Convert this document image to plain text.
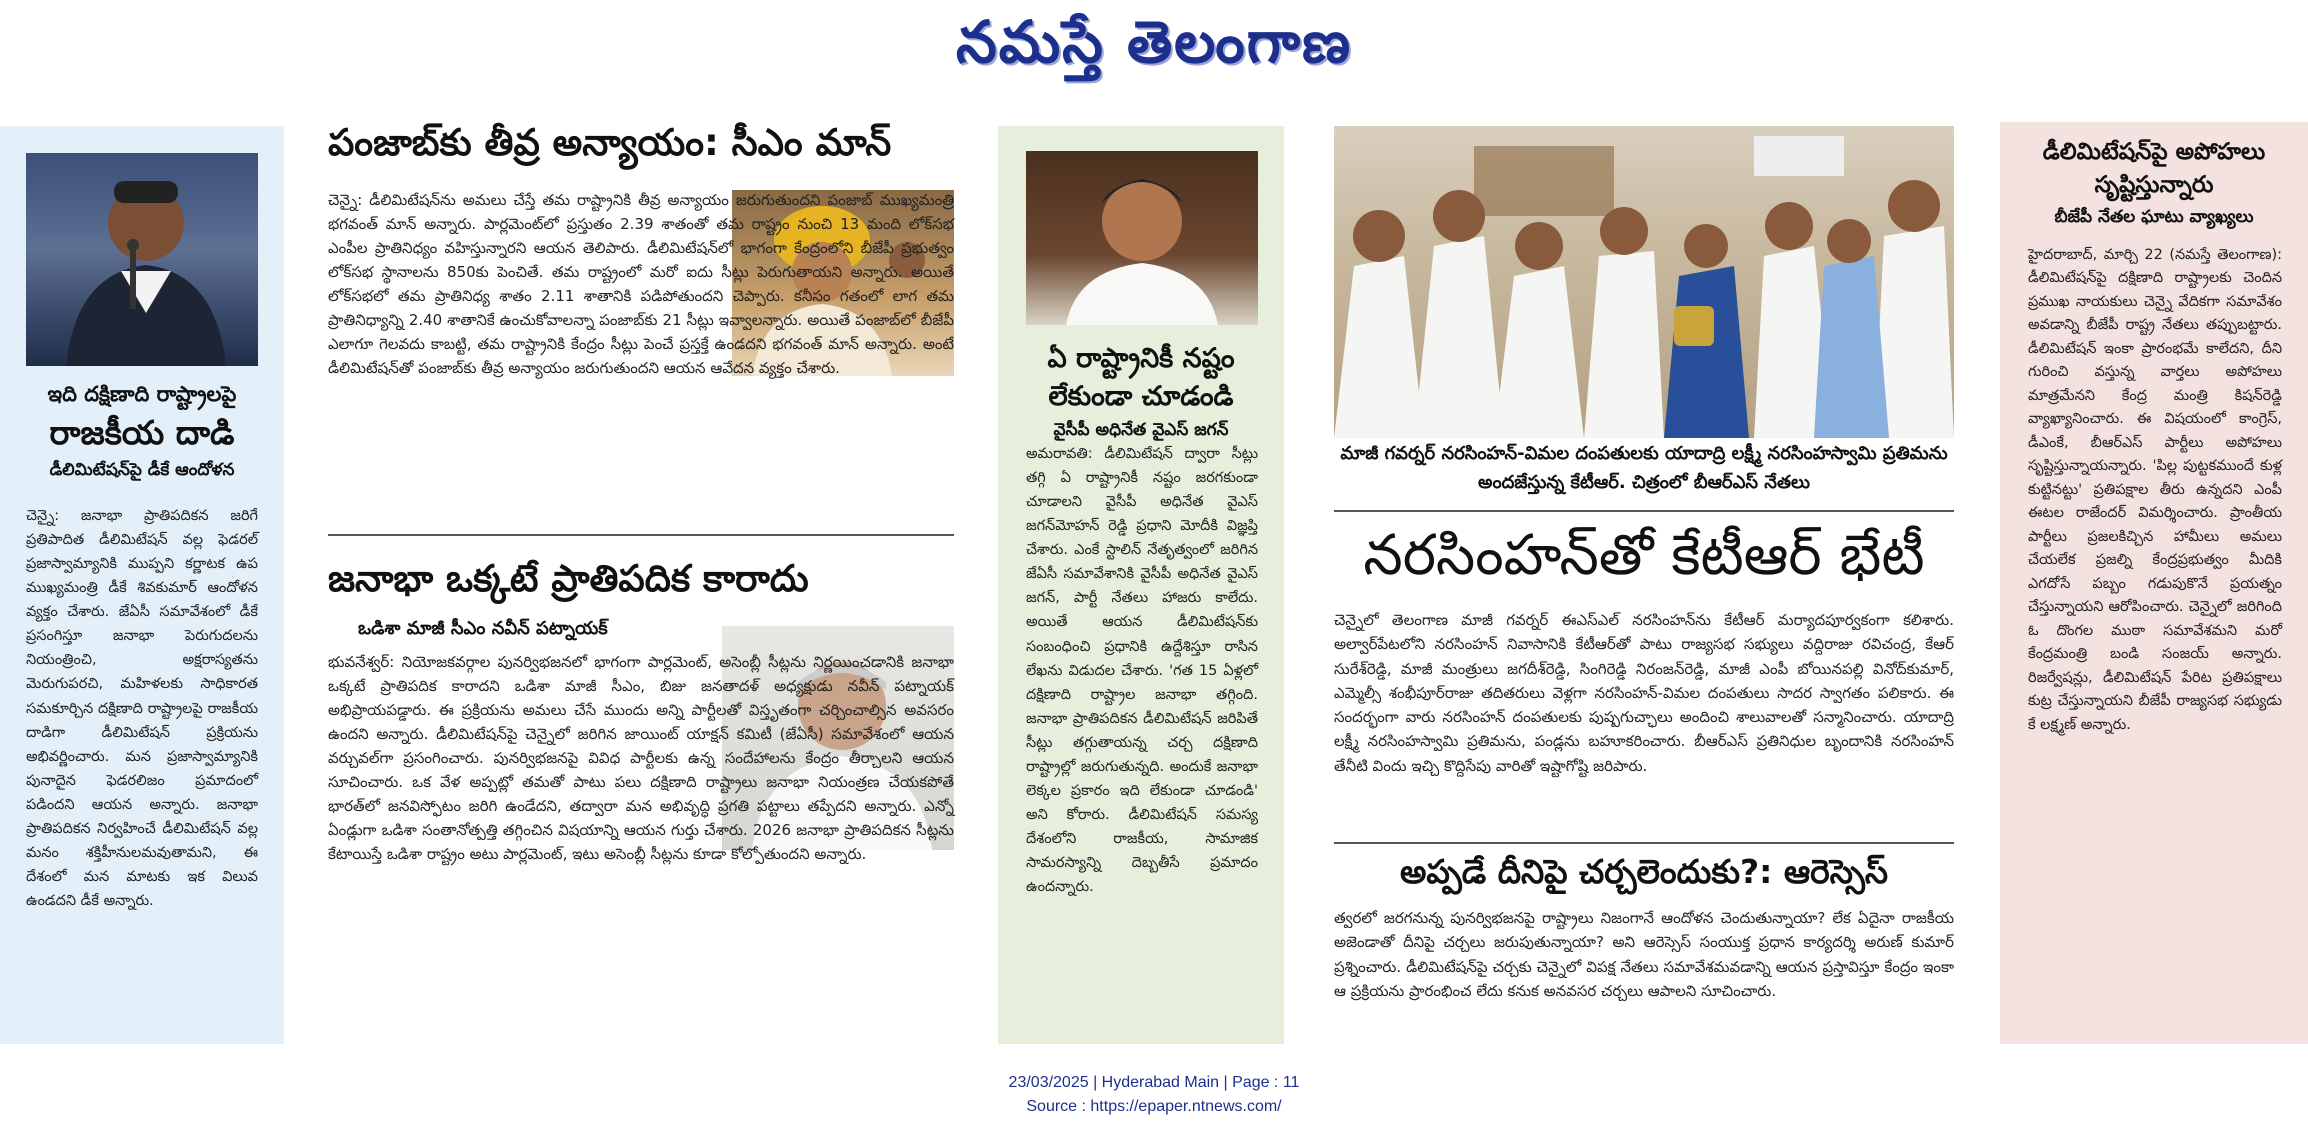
నమస్తే తెలంగాణ

ఇది దక్షిణాది రాష్ట్రాలపై

రాజకీయ దాడి

డీలిమిటేషన్‌పై డీకే ఆందోళన

చెన్నై: జనాభా ప్రాతిపదికన జరిగే ప్రతిపాదిత డీలిమిటేషన్ వల్ల ఫెడరల్ ప్రజాస్వామ్యానికి ముప్పని కర్ణాటక ఉప ముఖ్యమంత్రి డీకే శివకుమార్ ఆందోళన వ్యక్తం చేశారు. జేఏసీ సమావేశంలో డీకే ప్రసంగిస్తూ జనాభా పెరుగుదలను నియంత్రించి, అక్షరాస్యతను మెరుగుపరచి, మహిళలకు సాధికారత సమకూర్చిన దక్షిణాది రాష్ట్రాలపై రాజకీయ దాడిగా డీలిమిటేషన్ ప్రక్రియను అభివర్ణించారు. మన ప్రజాస్వామ్యానికి పునాదైన ఫెడరలిజం ప్రమాదంలో పడిందని ఆయన అన్నారు. జనాభా ప్రాతిపదికన నిర్వహించే డీలిమిటేషన్ వల్ల మనం శక్తిహీనులమవుతామని, ఈ దేశంలో మన మాటకు ఇక విలువ ఉండదని డీకే అన్నారు.

పంజాబ్‌కు తీవ్ర అన్యాయం: సీఎం మాన్

చెన్నై: డీలిమిటేషన్‌ను అమలు చేస్తే తమ రాష్ట్రానికి తీవ్ర అన్యాయం జరుగుతుందని పంజాబ్ ముఖ్యమంత్రి భగవంత్ మాన్ అన్నారు. పార్లమెంట్‌లో ప్రస్తుతం 2.39 శాతంతో తమ రాష్ట్రం నుంచి 13 మంది లోక్‌సభ ఎంపీల ప్రాతినిధ్యం వహిస్తున్నారని ఆయన తెలిపారు. డీలిమిటేషన్‌లో భాగంగా కేంద్రంలోని బీజేపీ ప్రభుత్వం లోక్‌సభ స్థానాలను 850కు పెంచితే. తమ రాష్ట్రంలో మరో ఐదు సీట్లు పెరుగుతాయని అన్నారు. అయితే లోక్‌సభలో తమ ప్రాతినిధ్య శాతం 2.11 శాతానికి పడిపోతుందని చెప్పారు. కనీసం గతంలో లాగ తమ ప్రాతినిధ్యాన్ని 2.40 శాతానికే ఉంచుకోవాలన్నా పంజాబ్‌కు 21 సీట్లు ఇవ్వాలన్నారు. అయితే పంజాబ్‌లో బీజేపీ ఎలాగూ గెలవదు కాబట్టి, తమ రాష్ట్రానికి కేంద్రం సీట్లు పెంచే ప్రస్తక్తే ఉండదని భగవంత్ మాన్ అన్నారు. అంటే డీలిమిటేషన్‌తో పంజాబ్‌కు తీవ్ర అన్యాయం జరుగుతుందని ఆయన ఆవేదన వ్యక్తం చేశారు.

జనాభా ఒక్కటే ప్రాతిపదిక కారాదు

ఒడిశా మాజీ సీఎం నవీన్ పట్నాయక్

భువనేశ్వర్: నియోజకవర్గాల పునర్విభజనలో భాగంగా పార్లమెంట్, అసెంబ్లీ సీట్లను నిర్ణయించడానికి జనాభా ఒక్కటే ప్రాతిపదిక కారాదని ఒడిశా మాజీ సీఎం, బిజు జనతాదళ్ అధ్యక్షుడు నవీన్ పట్నాయక్ అభిప్రాయపడ్డారు. ఈ ప్రక్రియను అమలు చేసే ముందు అన్ని పార్టీలతో విస్తృతంగా చర్చించాల్సిన అవసరం ఉందని అన్నారు. డీలిమిటేషన్‌పై చెన్నైలో జరిగిన జాయింట్ యాక్షన్ కమిటీ (జేఏసీ) సమావేశంలో ఆయన వర్చువల్‌గా ప్రసంగించారు. పునర్విభజనపై వివిధ పార్టీలకు ఉన్న సందేహాలను కేంద్రం తీర్చాలని ఆయన సూచించారు. ఒక వేళ అప్పట్లో తమతో పాటు పలు దక్షిణాది రాష్ట్రాలు జనాభా నియంత్రణ చేయకపోతే భారత్‌లో జనవిస్ఫోటం జరిగి ఉండేదని, తద్వారా మన అభివృద్ధి ప్రగతి పట్టాలు తప్పేదని అన్నారు. ఎన్నో ఏండ్లుగా ఒడిశా సంతానోత్పత్తి తగ్గించిన విషయాన్ని ఆయన గుర్తు చేశారు. 2026 జనాభా ప్రాతిపదికన సీట్లను కేటాయిస్తే ఒడిశా రాష్ట్రం అటు పార్లమెంట్, ఇటు అసెంబ్లీ సీట్లను కూడా కోల్పోతుందని అన్నారు.

ఏ రాష్ట్రానికీ నష్టం లేకుండా చూడండి

వైసీపీ అధినేత వైఎస్ జగన్

అమరావతి: డీలిమిటేషన్ ద్వారా సీట్లు తగ్గి ఏ రాష్ట్రానికీ నష్టం జరగకుండా చూడాలని వైసీపీ అధినేత వైఎస్ జగన్‌మోహన్ రెడ్డి ప్రధాని మోదీకి విజ్ఞప్తి చేశారు. ఎంకే స్టాలిన్ నేతృత్వంలో జరిగిన జేఏసీ సమావేశానికి వైసీపీ అధినేత వైఎస్ జగన్, పార్టీ నేతలు హాజరు కాలేదు. అయితే ఆయన డీలిమిటేషన్‌కు సంబంధించి ప్రధానికి ఉద్దేశిస్తూ రాసిన లేఖను విడుదల చేశారు. 'గత 15 ఏళ్లలో దక్షిణాది రాష్ట్రాల జనాభా తగ్గింది. జనాభా ప్రాతిపదికన డీలిమిటేషన్ జరిపితే సీట్లు తగ్గుతాయన్న చర్చ దక్షిణాది రాష్ట్రాల్లో జరుగుతున్నది. అందుకే జనాభా లెక్కల ప్రకారం ఇది లేకుండా చూడండి' అని కోరారు. డీలిమిటేషన్ సమస్య దేశంలోని రాజకీయ, సామాజిక సామరస్యాన్ని దెబ్బతీసే ప్రమాదం ఉందన్నారు.

మాజీ గవర్నర్ నరసింహన్-విమల దంపతులకు యాదాద్రి లక్ష్మీ నరసింహస్వామి ప్రతిమను అందజేస్తున్న కేటీఆర్. చిత్రంలో బీఆర్‌ఎస్ నేతలు

నరసింహన్‌తో కేటీఆర్ భేటీ

చెన్నైలో తెలంగాణ మాజీ గవర్నర్ ఈఎస్‌ఎల్ నరసింహన్‌ను కేటీఆర్ మర్యాదపూర్వకంగా కలిశారు. అల్వార్‌పేటలోని నరసింహన్ నివాసానికి కేటీఆర్‌తో పాటు రాజ్యసభ సభ్యులు వద్దిరాజు రవిచంద్ర, కేఆర్ సురేశ్‌రెడ్డి, మాజీ మంత్రులు జగదీశ్‌రెడ్డి, సింగిరెడ్డి నిరంజన్‌రెడ్డి, మాజీ ఎంపీ బోయినపల్లి వినోద్‌కుమార్, ఎమ్మెల్సీ శంభీపూర్‌రాజు తదితరులు వెళ్లగా నరసింహన్-విమల దంపతులు సాదర స్వాగతం పలికారు. ఈ సందర్భంగా వారు నరసింహన్ దంపతులకు పుష్పగుచ్ఛాలు అందించి శాలువాలతో సన్మానించారు. యాదాద్రి లక్ష్మీ నరసింహస్వామి ప్రతిమను, పండ్లను బహూకరించారు. బీఆర్‌ఎస్ ప్రతినిధుల బృందానికి నరసింహన్ తేనీటి విందు ఇచ్చి కొద్దిసేపు వారితో ఇష్టాగోష్టి జరిపారు.

అప్పడే దీనిపై చర్చలెందుకు?: ఆరెస్సెస్

త్వరలో జరగనున్న పునర్విభజనపై రాష్ట్రాలు నిజంగానే ఆందోళన చెందుతున్నాయా? లేక ఏదైనా రాజకీయ అజెండాతో దీనిపై చర్చలు జరుపుతున్నాయా? అని ఆరెస్సెస్ సంయుక్త ప్రధాన కార్యదర్శి అరుణ్ కుమార్ ప్రశ్నించారు. డీలిమిటేషన్‌పై చర్చకు చెన్నైలో విపక్ష నేతలు సమావేశమవడాన్ని ఆయన ప్రస్తావిస్తూ కేంద్రం ఇంకా ఆ ప్రక్రియను ప్రారంభించ లేదు కనుక అనవసర చర్చలు ఆపాలని సూచించారు.

డీలిమిటేషన్‌పై అపోహలు సృష్టిస్తున్నారు

బీజేపీ నేతల ఘాటు వ్యాఖ్యలు

హైదరాబాద్, మార్చి 22 (నమస్తే తెలంగాణ): డీలిమిటేషన్‌పై దక్షిణాది రాష్ట్రాలకు చెందిన ప్రముఖ నాయకులు చెన్నై వేదికగా సమావేశం అవడాన్ని బీజేపీ రాష్ట్ర నేతలు తప్పుబట్టారు. డీలిమిటేషన్ ఇంకా ప్రారంభమే కాలేదని, దీని గురించి వస్తున్న వార్తలు అపోహలు మాత్రమేనని కేంద్ర మంత్రి కిషన్‌రెడ్డి వ్యాఖ్యానించారు. ఈ విషయంలో కాంగ్రెస్, డీఎంకే, బీఆర్‌ఎస్ పార్టీలు అపోహలు సృష్టిస్తున్నాయన్నారు. 'పిల్ల పుట్టకముందే కుళ్ల కుట్టినట్టు' ప్రతిపక్షాల తీరు ఉన్నదని ఎంపీ ఈటల రాజేందర్ విమర్శించారు. ప్రాంతీయ పార్టీలు ప్రజలకిచ్చిన హామీలు అమలు చేయలేక ప్రజల్ని కేంద్రప్రభుత్వం మీదికి ఎగదోసే పబ్బం గడుపుకొనే ప్రయత్నం చేస్తున్నాయని ఆరోపించారు. చెన్నైలో జరిగింది ఓ దొంగల ముఠా సమావేశమని మరో కేంద్రమంత్రి బండి సంజయ్ అన్నారు. రిజర్వేషన్లు, డీలిమిటేషన్ పేరిట ప్రతిపక్షాలు కుట్ర చేస్తున్నాయని బీజేపీ రాజ్యసభ సభ్యుడు కే లక్ష్మణ్ అన్నారు.

23/03/2025 | Hyderabad Main | Page : 11
Source : https://epaper.ntnews.com/
